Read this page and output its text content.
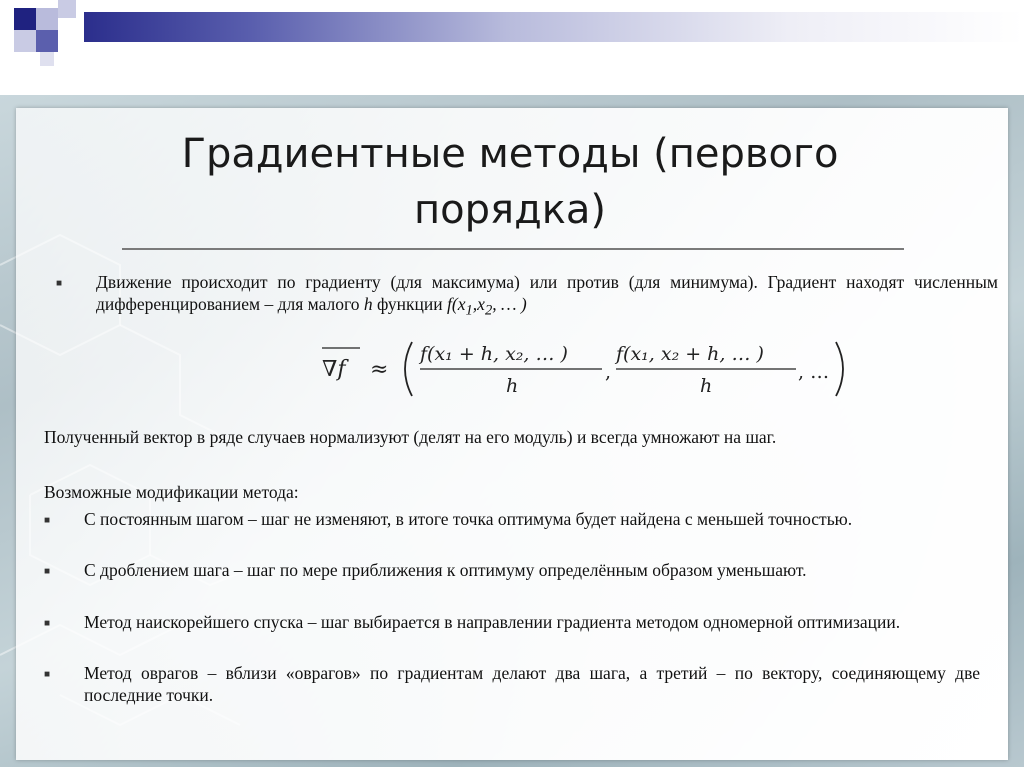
Градиентные методы (первого
порядка)
■ Движение происходит по градиенту (для максимума) или против (для минимума). Градиент находят численным дифференцированием – для малого h функции $f(x_1,x_2$, … )
∇f ≈
f(x₁ + h, x₂, … )
h
,
f(x₁, x₂ + h, … )
h
, …
Полученный вектор в ряде случаев нормализуют (делят на его модуль) и всегда умножают на шаг.
Возможные модификации метода:
■ С постоянным шагом – шаг не изменяют, в итоге точка оптимума будет найдена с меньшей точностью.
■ С дроблением шага – шаг по мере приближения к оптимуму определённым образом уменьшают.
■ Метод наискорейшего спуска – шаг выбирается в направлении градиента методом одномерной оптимизации.
■ Метод оврагов – вблизи «оврагов» по градиентам делают два шага, а третий – по вектору, соединяющему две последние точки.
